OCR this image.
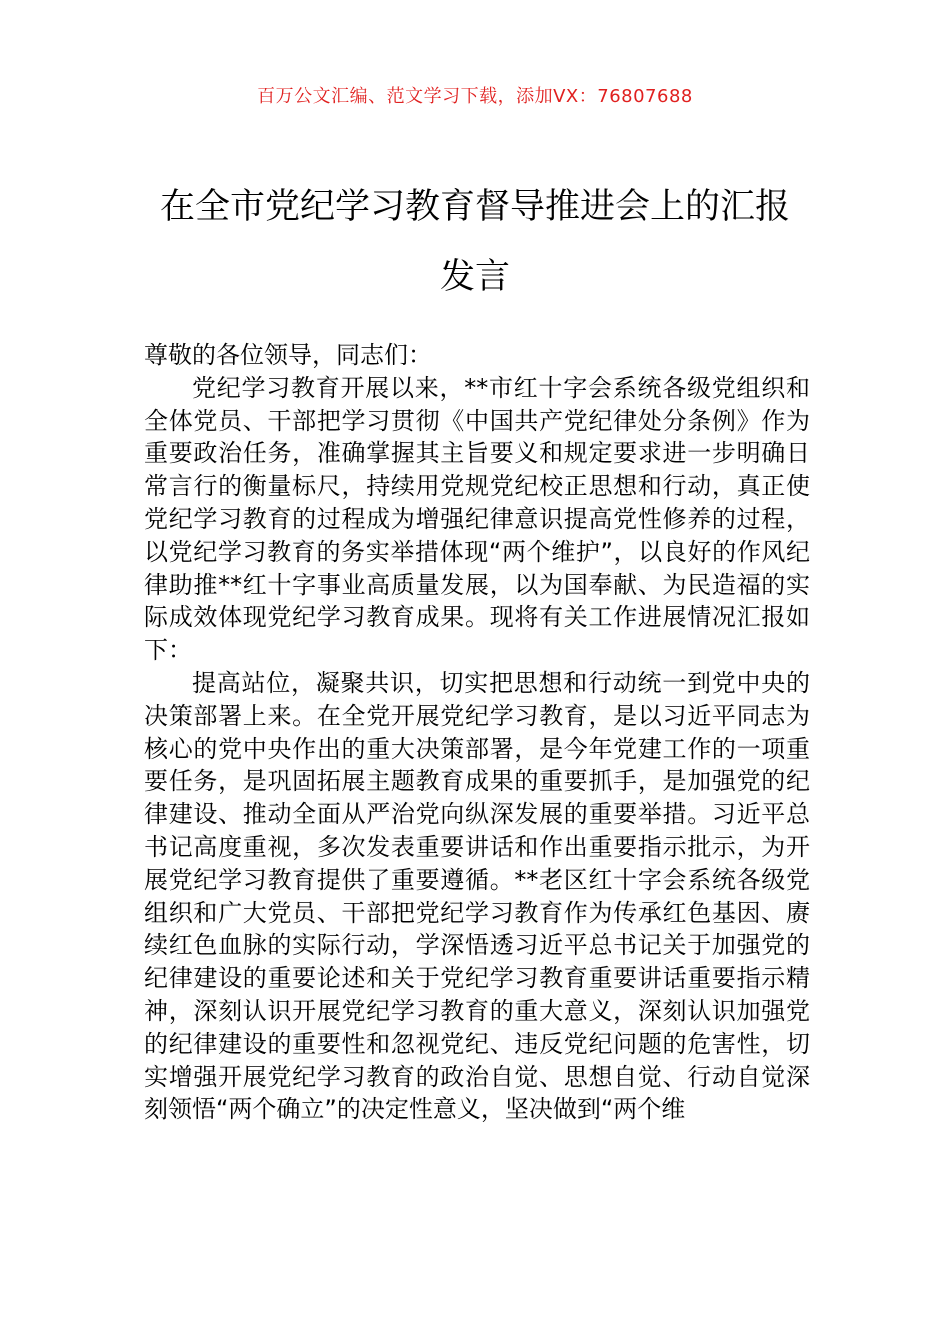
百万公文汇编、范文学习下载，添加VX：76807688
在全市党纪学习教育督导推进会上的汇报发言

尊敬的各位领导，同志们：

党纪学习教育开展以来，**市红十字会系统各级党组织和全体党员、干部把学习贯彻《中国共产党纪律处分条例》作为重要政治任务，准确掌握其主旨要义和规定要求进一步明确日常言行的衡量标尺，持续用党规党纪校正思想和行动，真正使党纪学习教育的过程成为增强纪律意识提高党性修养的过程，以党纪学习教育的务实举措体现“两个维护”，以良好的作风纪律助推**红十字事业高质量发展，以为国奉献、为民造福的实际成效体现党纪学习教育成果。现将有关工作进展情况汇报如下：

提高站位，凝聚共识，切实把思想和行动统一到党中央的决策部署上来。在全党开展党纪学习教育，是以习近平同志为核心的党中央作出的重大决策部署，是今年党建工作的一项重要任务，是巩固拓展主题教育成果的重要抓手，是加强党的纪律建设、推动全面从严治党向纵深发展的重要举措。习近平总书记高度重视，多次发表重要讲话和作出重要指示批示，为开展党纪学习教育提供了重要遵循。**老区红十字会系统各级党组织和广大党员、干部把党纪学习教育作为传承红色基因、赓续红色血脉的实际行动，学深悟透习近平总书记关于加强党的纪律建设的重要论述和关于党纪学习教育重要讲话重要指示精神，深刻认识开展党纪学习教育的重大意义，深刻认识加强党的纪律建设的重要性和忽视党纪、违反党纪问题的危害性，切实增强开展党纪学习教育的政治自觉、思想自觉、行动自觉深刻领悟“两个确立”的决定性意义，坚决做到“两个维
